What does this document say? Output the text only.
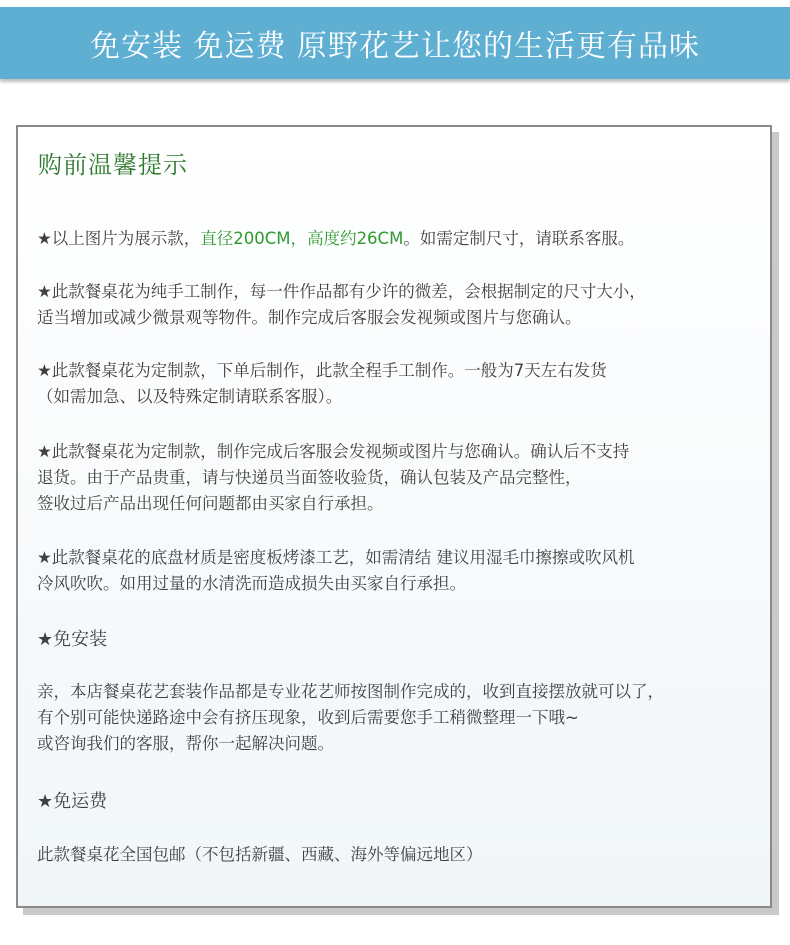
免安装 免运费 原野花艺让您的生活更有品味
购前温馨提示
★以上图片为展示款，直径200CM，高度约26CM。如需定制尺寸，请联系客服。
★此款餐桌花为纯手工制作，每一件作品都有少许的微差，会根据制定的尺寸大小，
适当增加或减少微景观等物件。制作完成后客服会发视频或图片与您确认。
★此款餐桌花为定制款，下单后制作，此款全程手工制作。一般为7天左右发货
（如需加急、以及特殊定制请联系客服）。
★此款餐桌花为定制款，制作完成后客服会发视频或图片与您确认。确认后不支持
退货。由于产品贵重，请与快递员当面签收验货，确认包装及产品完整性，
签收过后产品出现任何问题都由买家自行承担。
★此款餐桌花的底盘材质是密度板烤漆工艺，如需清结 建议用湿毛巾擦擦或吹风机
冷风吹吹。如用过量的水清洗而造成损失由买家自行承担。
★免安装
亲，本店餐桌花艺套装作品都是专业花艺师按图制作完成的，收到直接摆放就可以了，
有个别可能快递路途中会有挤压现象，收到后需要您手工稍微整理一下哦~
或咨询我们的客服，帮你一起解决问题。
★免运费
此款餐桌花全国包邮（不包括新疆、西藏、海外等偏远地区）
